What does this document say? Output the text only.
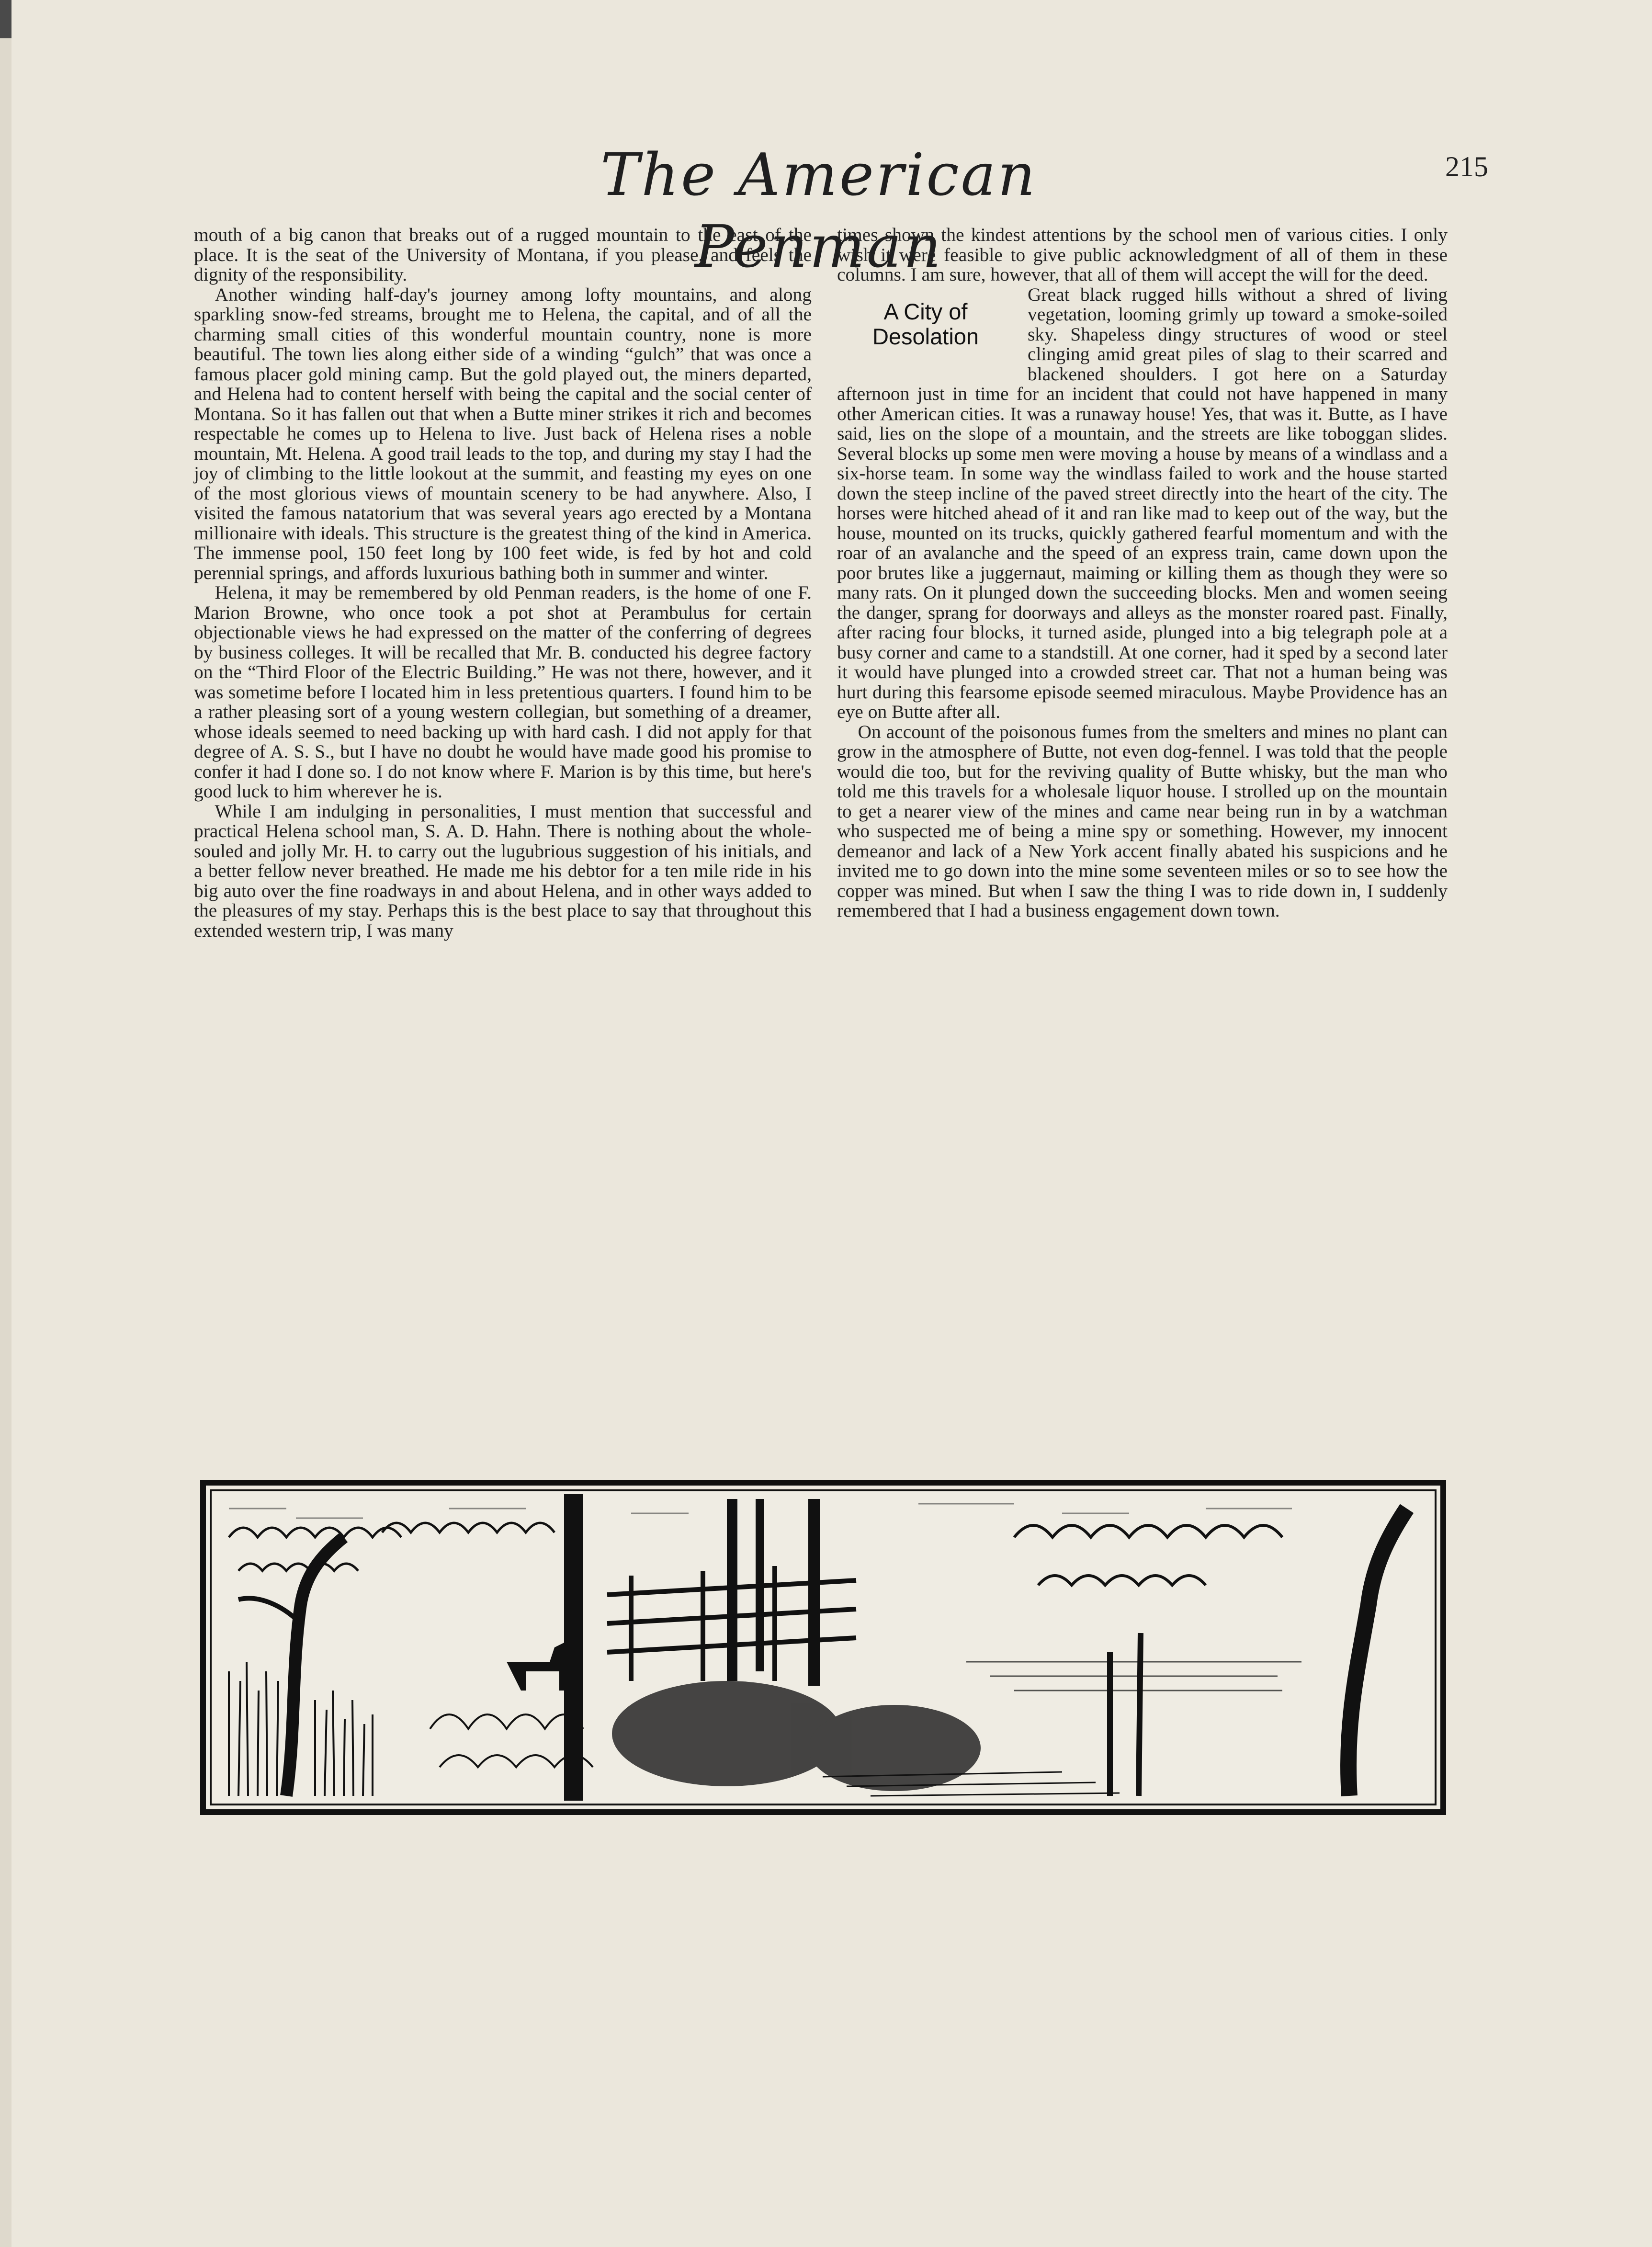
The American Penman
215

mouth of a big canon that breaks out of a rugged mountain to the east of the place. It is the seat of the University of Montana, if you please, and feels the dignity of the responsibility.

Another winding half-day's journey among lofty mountains, and along sparkling snow-fed streams, brought me to Helena, the capital, and of all the charming small cities of this wonderful mountain country, none is more beautiful. The town lies along either side of a winding “gulch” that was once a famous placer gold mining camp. But the gold played out, the miners departed, and Helena had to content herself with being the capital and the social center of Montana. So it has fallen out that when a Butte miner strikes it rich and becomes respectable he comes up to Helena to live. Just back of Helena rises a noble mountain, Mt. Helena. A good trail leads to the top, and during my stay I had the joy of climbing to the little lookout at the summit, and feasting my eyes on one of the most glorious views of mountain scenery to be had anywhere. Also, I visited the famous natatorium that was several years ago erected by a Montana millionaire with ideals. This structure is the greatest thing of the kind in America. The immense pool, 150 feet long by 100 feet wide, is fed by hot and cold perennial springs, and affords luxurious bathing both in summer and winter.

Helena, it may be remembered by old Penman readers, is the home of one F. Marion Browne, who once took a pot shot at Perambulus for certain objectionable views he had expressed on the matter of the conferring of degrees by business colleges. It will be recalled that Mr. B. conducted his degree factory on the “Third Floor of the Electric Building.” He was not there, however, and it was sometime before I located him in less pretentious quarters. I found him to be a rather pleasing sort of a young western collegian, but something of a dreamer, whose ideals seemed to need backing up with hard cash. I did not apply for that degree of A. S. S., but I have no doubt he would have made good his promise to confer it had I done so. I do not know where F. Marion is by this time, but here's good luck to him wherever he is.

While I am indulging in personalities, I must mention that successful and practical Helena school man, S. A. D. Hahn. There is nothing about the whole-souled and jolly Mr. H. to carry out the lugubrious suggestion of his initials, and a better fellow never breathed. He made me his debtor for a ten mile ride in his big auto over the fine roadways in and about Helena, and in other ways added to the pleasures of my stay. Perhaps this is the best place to say that throughout this extended western trip, I was many

times shown the kindest attentions by the school men of various cities. I only wish it were feasible to give public acknowledgment of all of them in these columns. I am sure, however, that all of them will accept the will for the deed.

A City of
Desolation

Great black rugged hills without a shred of living vegetation, looming grimly up toward a smoke-soiled sky. Shapeless dingy structures of wood or steel clinging amid great piles of slag to their scarred and blackened shoulders. I got here on a Saturday afternoon just in time for an incident that could not have happened in many other American cities. It was a runaway house! Yes, that was it. Butte, as I have said, lies on the slope of a mountain, and the streets are like toboggan slides. Several blocks up some men were moving a house by means of a windlass and a six-horse team. In some way the windlass failed to work and the house started down the steep incline of the paved street directly into the heart of the city. The horses were hitched ahead of it and ran like mad to keep out of the way, but the house, mounted on its trucks, quickly gathered fearful momentum and with the roar of an avalanche and the speed of an express train, came down upon the poor brutes like a juggernaut, maiming or killing them as though they were so many rats. On it plunged down the succeeding blocks. Men and women seeing the danger, sprang for doorways and alleys as the monster roared past. Finally, after racing four blocks, it turned aside, plunged into a big telegraph pole at a busy corner and came to a standstill. At one corner, had it sped by a second later it would have plunged into a crowded street car. That not a human being was hurt during this fearsome episode seemed miraculous. Maybe Providence has an eye on Butte after all.

On account of the poisonous fumes from the smelters and mines no plant can grow in the atmosphere of Butte, not even dog-fennel. I was told that the people would die too, but for the reviving quality of Butte whisky, but the man who told me this travels for a wholesale liquor house. I strolled up on the mountain to get a nearer view of the mines and came near being run in by a watchman who suspected me of being a mine spy or something. However, my innocent demeanor and lack of a New York accent finally abated his suspicions and he invited me to go down into the mine some seventeen miles or so to see how the copper was mined. But when I saw the thing I was to ride down in, I suddenly remembered that I had a business engagement down town.
